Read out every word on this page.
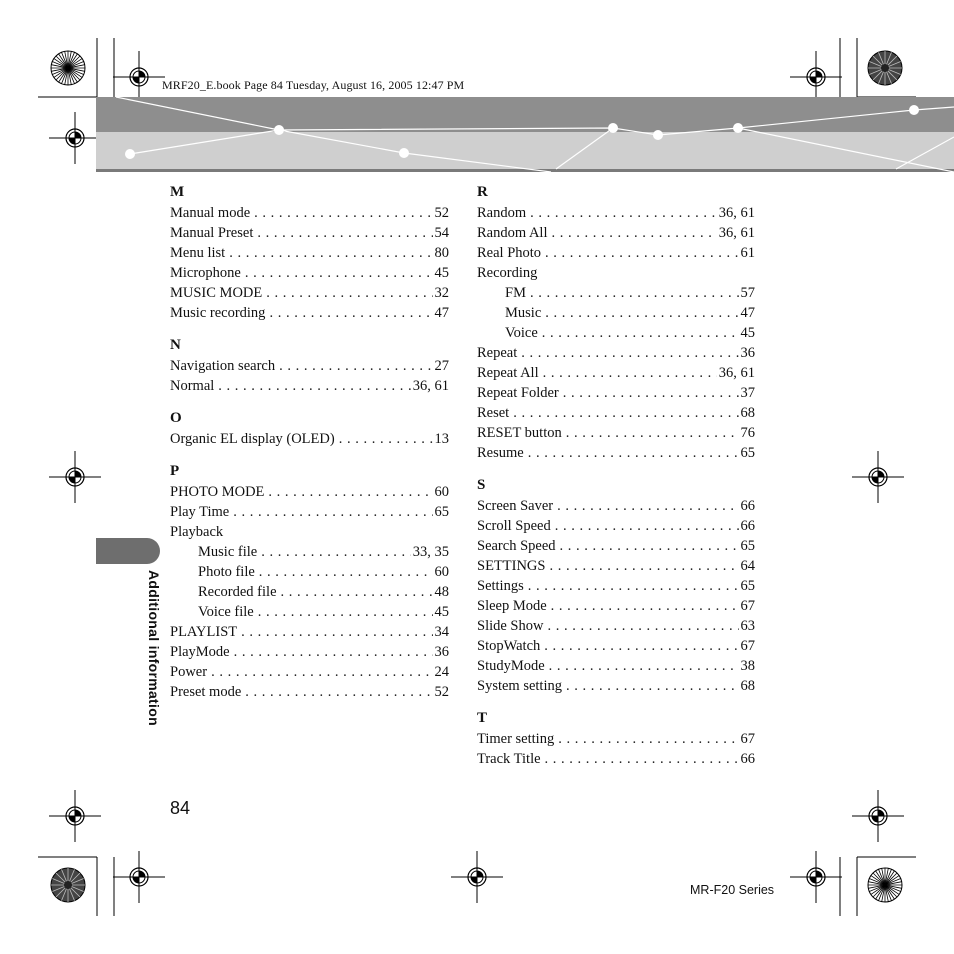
MRF20_E.book Page 84 Tuesday, August 16, 2005 12:47 PM
M
Manual mode . . .	52
Manual Preset . . .	54
Menu list . . .	80
Microphone . . .	45
MUSIC MODE . . .	32
Music recording . . .	47
N
Navigation search . . .	27
Normal . . .	36, 61
O
Organic EL display (OLED) . . .	13
P
PHOTO MODE . . .	60
Play Time . . .	65
Playback
Music file . . .	33, 35
Photo file . . .	60
Recorded file . . .	48
Voice file . . .	45
PLAYLIST . . .	34
PlayMode . . .	36
Power . . .	24
Preset mode . . .	52
R
Random . . .	36, 61
Random All . . .	36, 61
Real Photo . . .	61
Recording
FM . . .	57
Music . . .	47
Voice . . .	45
Repeat . . .	36
Repeat All . . .	36, 61
Repeat Folder . . .	37
Reset . . .	68
RESET button . . .	76
Resume . . .	65
S
Screen Saver . . .	66
Scroll Speed . . .	66
Search Speed . . .	65
SETTINGS . . .	64
Settings . . .	65
Sleep Mode . . .	67
Slide Show . . .	63
StopWatch . . .	67
StudyMode . . .	38
System setting . . .	68
T
Timer setting . . .	67
Track Title . . .	66
Additional information
84
MR-F20 Series
